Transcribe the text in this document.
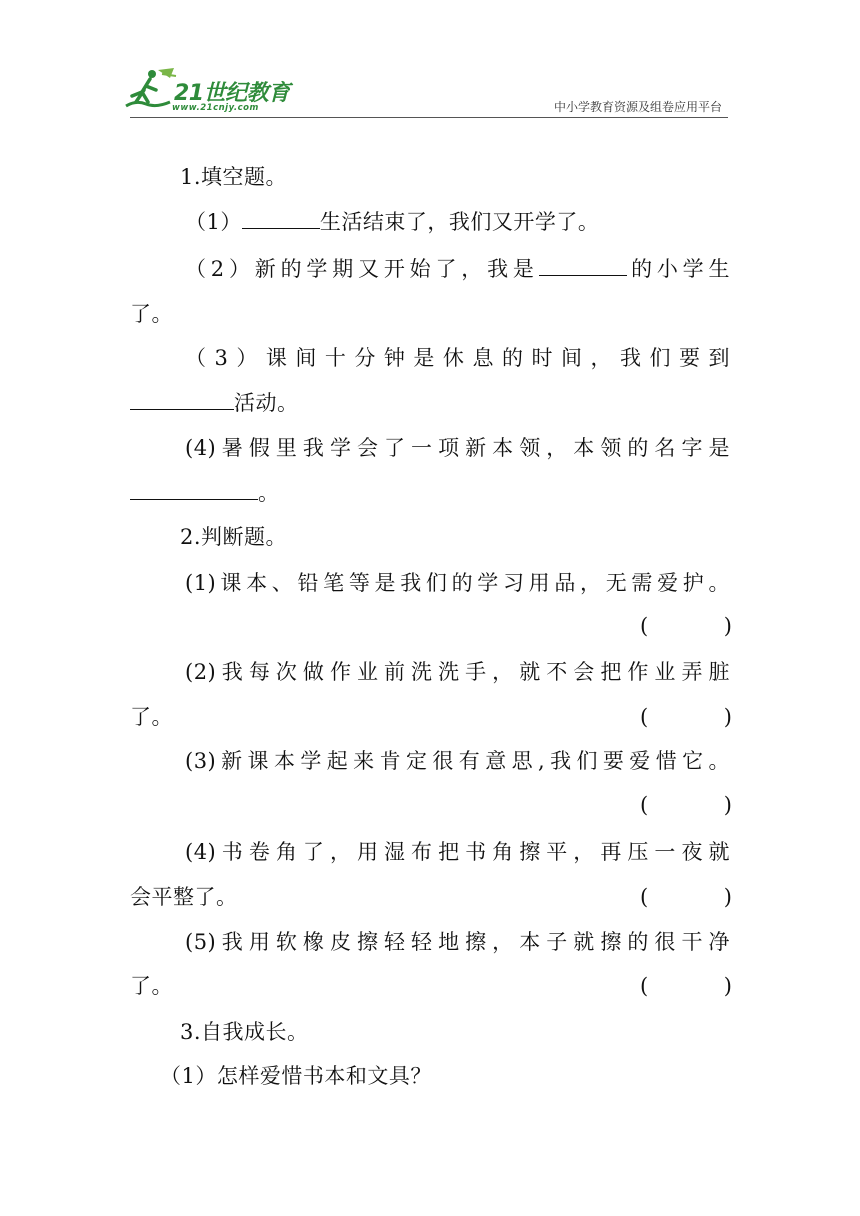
21世纪教育
www.21cnjy.com	中小学教育资源及组卷应用平台
1.填空题。
（1）	生活结束了，我们又开学了。
（2）新的学期又开始了，我是	的小学生
了。
（3）课间十分钟是休息的时间，我们要到
活动。
(4)暑假里我学会了一项新本领，本领的名字是
。
2.判断题。
(1)课本、铅笔等是我们的学习用品，无需爱护。
(	)
(2)我每次做作业前洗洗手，就不会把作业弄脏
了。	(	)
(3)新课本学起来肯定很有意思,我们要爱惜它。
(	)
(4)书卷角了，用湿布把书角擦平，再压一夜就
会平整了。	(	)
(5)我用软橡皮擦轻轻地擦，本子就擦的很干净
了。	(	)
3.自我成长。
（1）怎样爱惜书本和文具？
